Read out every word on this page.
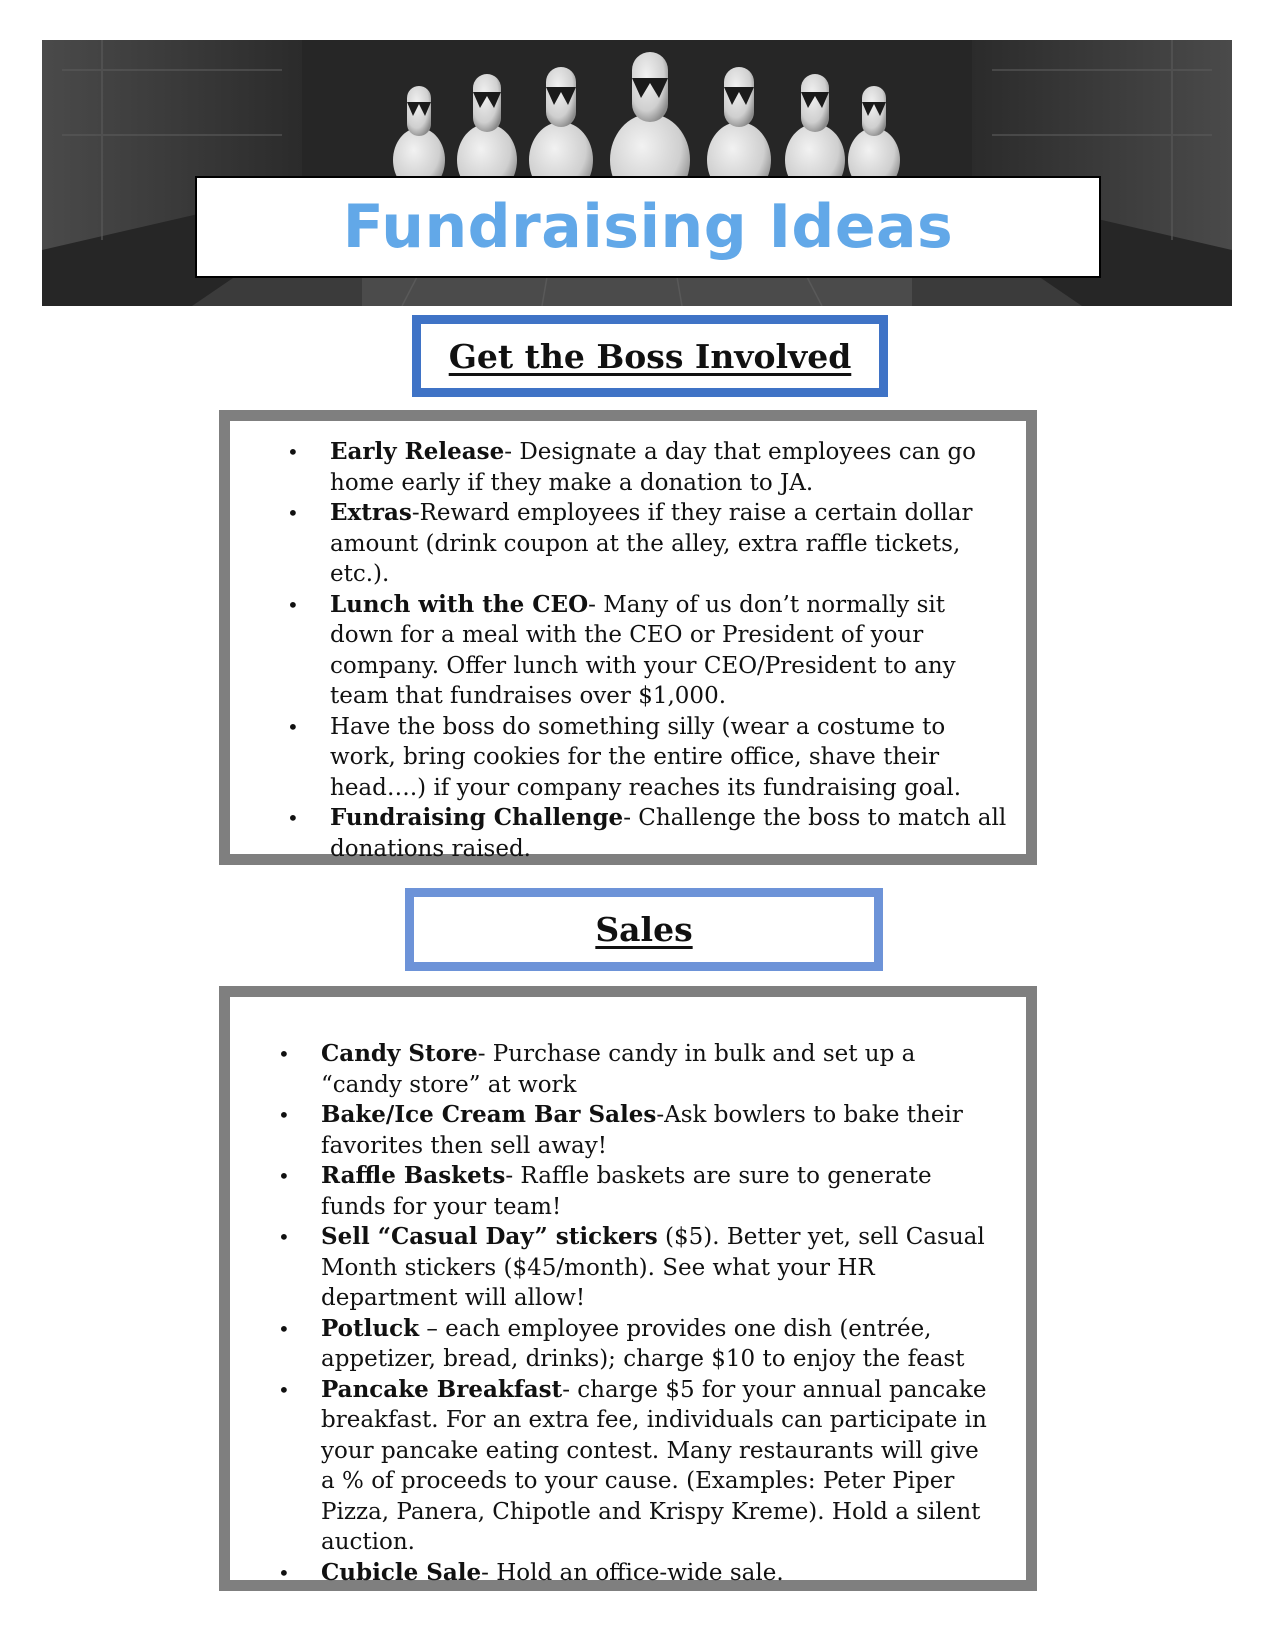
Fundraising Ideas
Get the Boss Involved
• Early Release- Designate a day that employees can go home early if they make a donation to JA.
• Extras-Reward employees if they raise a certain dollar amount (drink coupon at the alley, extra raffle tickets, etc.).
• Lunch with the CEO- Many of us don’t normally sit down for a meal with the CEO or President of your company. Offer lunch with your CEO/President to any team that fundraises over $1,000.
• Have the boss do something silly (wear a costume to work, bring cookies for the entire office, shave their head….) if your company reaches its fundraising goal.
• Fundraising Challenge- Challenge the boss to match all donations raised.
Sales
• Candy Store- Purchase candy in bulk and set up a “candy store” at work
• Bake/Ice Cream Bar Sales-Ask bowlers to bake their favorites then sell away!
• Raffle Baskets- Raffle baskets are sure to generate funds for your team!
• Sell “Casual Day” stickers ($5). Better yet, sell Casual Month stickers ($45/month). See what your HR department will allow!
• Potluck – each employee provides one dish (entrée, appetizer, bread, drinks); charge $10 to enjoy the feast
• Pancake Breakfast- charge $5 for your annual pancake breakfast. For an extra fee, individuals can participate in your pancake eating contest. Many restaurants will give a % of proceeds to your cause. (Examples: Peter Piper Pizza, Panera, Chipotle and Krispy Kreme). Hold a silent auction.
• Cubicle Sale- Hold an office-wide sale.
